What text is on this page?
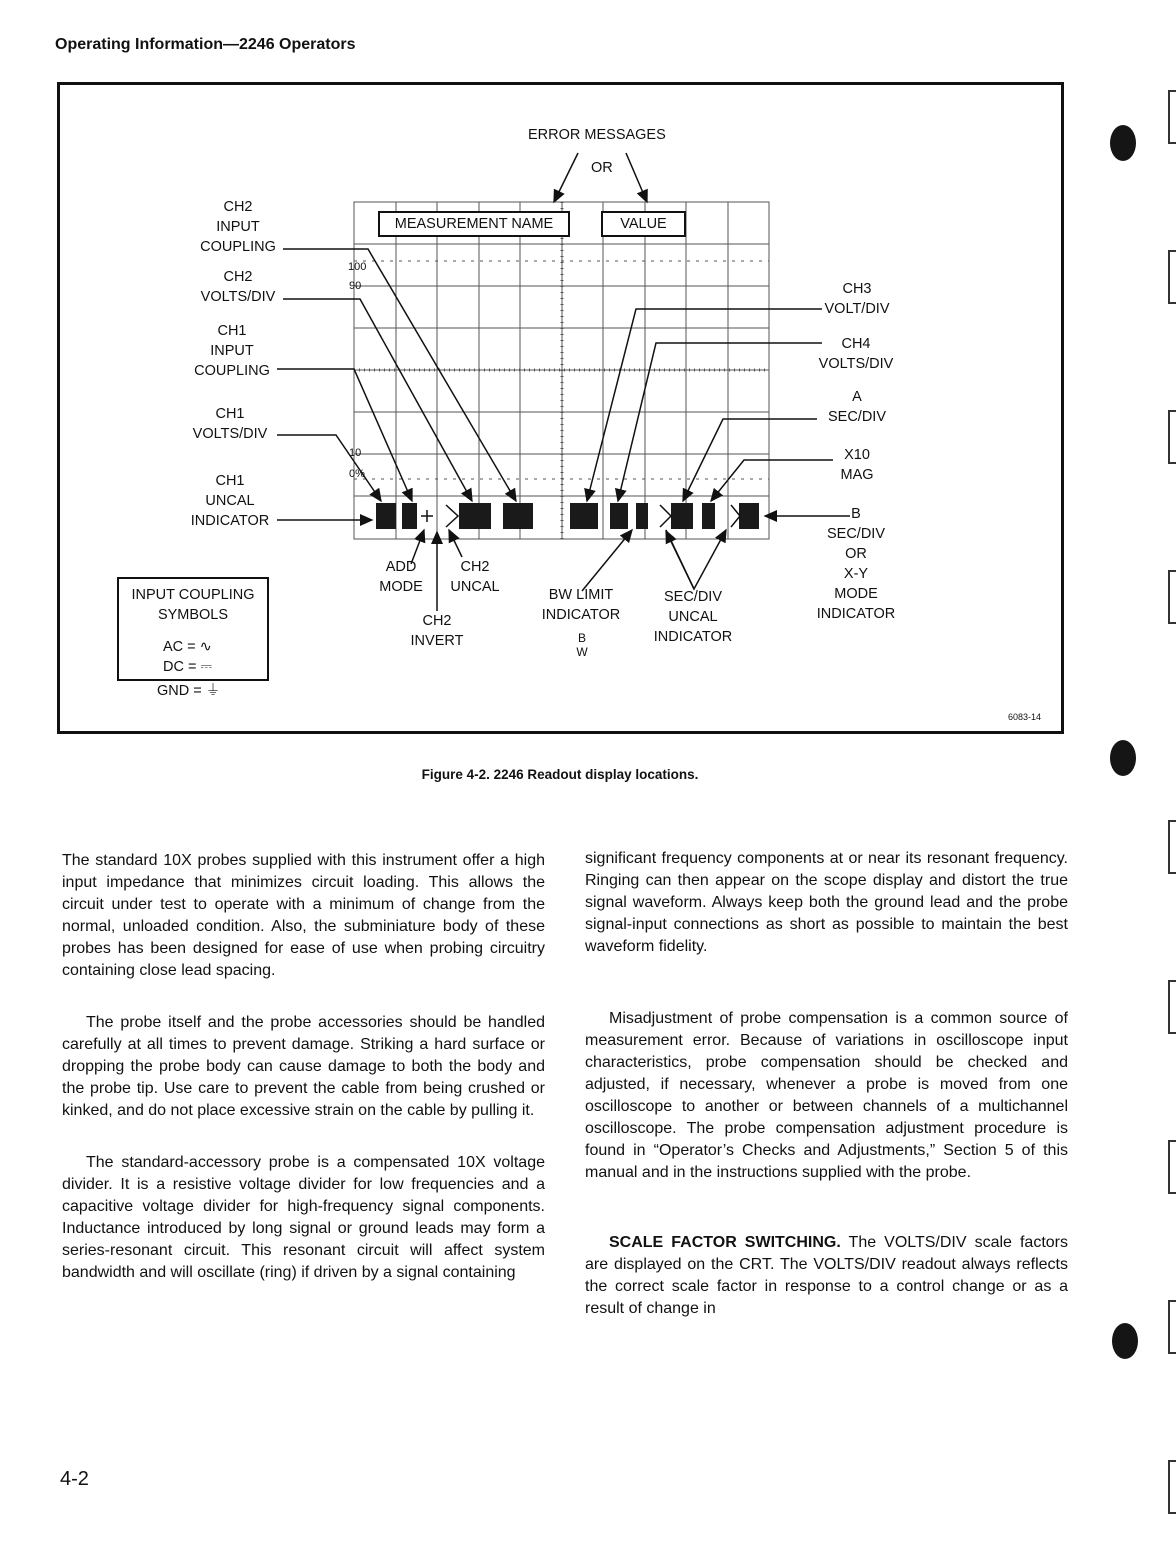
Operating Information—2246 Operators
ERROR MESSAGES
OR
MEASUREMENT NAME	VALUE
100
90
10
0%
CH2
INPUT
COUPLING
CH2
VOLTS/DIV
CH1
INPUT
COUPLING
CH1
VOLTS/DIV
CH1
UNCAL
INDICATOR
CH3
VOLT/DIV
CH4
VOLTS/DIV
A
SEC/DIV
X10
MAG
B
SEC/DIV
OR
X-Y
MODE
INDICATOR
ADD
MODE
CH2
UNCAL
CH2
INVERT
BW LIMIT
INDICATOR
B
W
SEC/DIV
UNCAL
INDICATOR
INPUT COUPLING
SYMBOLS
AC = ∿
DC = ⎓
GND = ⏚
6083-14
Figure 4-2. 2246 Readout display locations.

The standard 10X probes supplied with this instrument offer a high input impedance that minimizes circuit loading. This allows the circuit under test to operate with a minimum of change from the normal, unloaded condition. Also, the subminiature body of these probes has been designed for ease of use when probing circuitry containing close lead spacing.

The probe itself and the probe accessories should be handled carefully at all times to prevent damage. Striking a hard surface or dropping the probe body can cause damage to both the body and the probe tip. Use care to prevent the cable from being crushed or kinked, and do not place excessive strain on the cable by pulling it.

The standard-accessory probe is a compensated 10X voltage divider. It is a resistive voltage divider for low frequencies and a capacitive voltage divider for high-frequency signal components. Inductance introduced by long signal or ground leads may form a series-resonant circuit. This resonant circuit will affect system bandwidth and will oscillate (ring) if driven by a signal containing

significant frequency components at or near its resonant frequency. Ringing can then appear on the scope display and distort the true signal waveform. Always keep both the ground lead and the probe signal-input connections as short as possible to maintain the best waveform fidelity.

Misadjustment of probe compensation is a common source of measurement error. Because of variations in oscilloscope input characteristics, probe compensation should be checked and adjusted, if necessary, whenever a probe is moved from one oscilloscope to another or between channels of a multichannel oscilloscope. The probe compensation adjustment procedure is found in “Operator’s Checks and Adjustments,” Section 5 of this manual and in the instructions supplied with the probe.

SCALE FACTOR SWITCHING. The VOLTS/DIV scale factors are displayed on the CRT. The VOLTS/DIV readout always reflects the correct scale factor in response to a control change or as a result of change in

4-2
